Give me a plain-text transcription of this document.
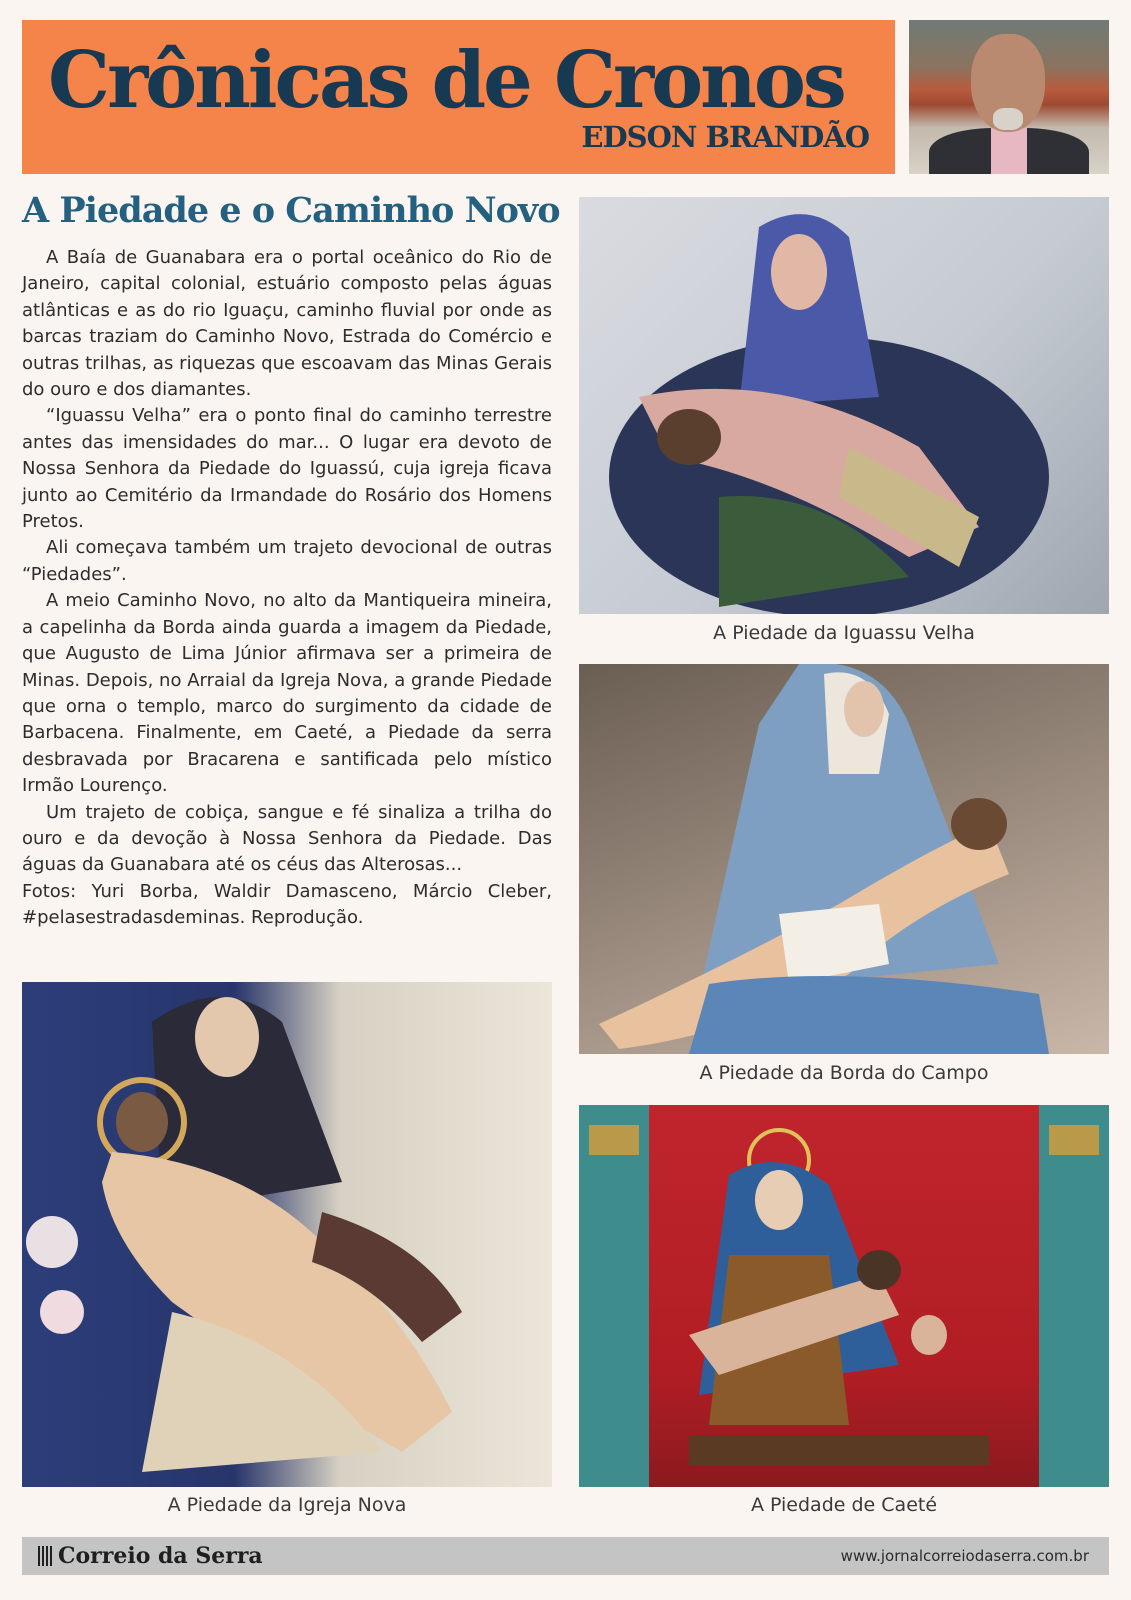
Crônicas de Cronos
EDSON BRANDÃO
A Piedade e o Caminho Novo

A Baía de Guanabara era o portal oceânico do Rio de Janeiro, capital colonial, estuário composto pelas águas atlânticas e as do rio Iguaçu, caminho fluvial por onde as barcas traziam do Caminho Novo, Estrada do Comércio e outras trilhas, as riquezas que escoavam das Minas Gerais do ouro e dos diamantes.

“Iguassu Velha” era o ponto final do caminho terrestre antes das imensidades do mar... O lugar era devoto de Nossa Senhora da Piedade do Iguassú, cuja igreja ficava junto ao Cemitério da Irmandade do Rosário dos Homens Pretos.

Ali começava também um trajeto devocional de outras “Piedades”.

A meio Caminho Novo, no alto da Mantiqueira mineira, a capelinha da Borda ainda guarda a imagem da Piedade, que Augusto de Lima Júnior afirmava ser a primeira de Minas. Depois, no Arraial da Igreja Nova, a grande Piedade que orna o templo, marco do surgimento da cidade de Barbacena. Finalmente, em Caeté, a Piedade da serra desbravada por Bracarena e santificada pelo místico Irmão Lourenço.

Um trajeto de cobiça, sangue e fé sinaliza a trilha do ouro e da devoção à Nossa Senhora da Piedade. Das águas da Guanabara até os céus das Alterosas...

Fotos: Yuri Borba, Waldir Damasceno, Márcio Cleber, #pelasestradasdeminas. Reprodução.

A Piedade da Iguassu Velha
A Piedade da Borda do Campo
A Piedade da Igreja Nova	A Piedade de Caeté
Correio da Serra	www.jornalcorreiodaserra.com.br
